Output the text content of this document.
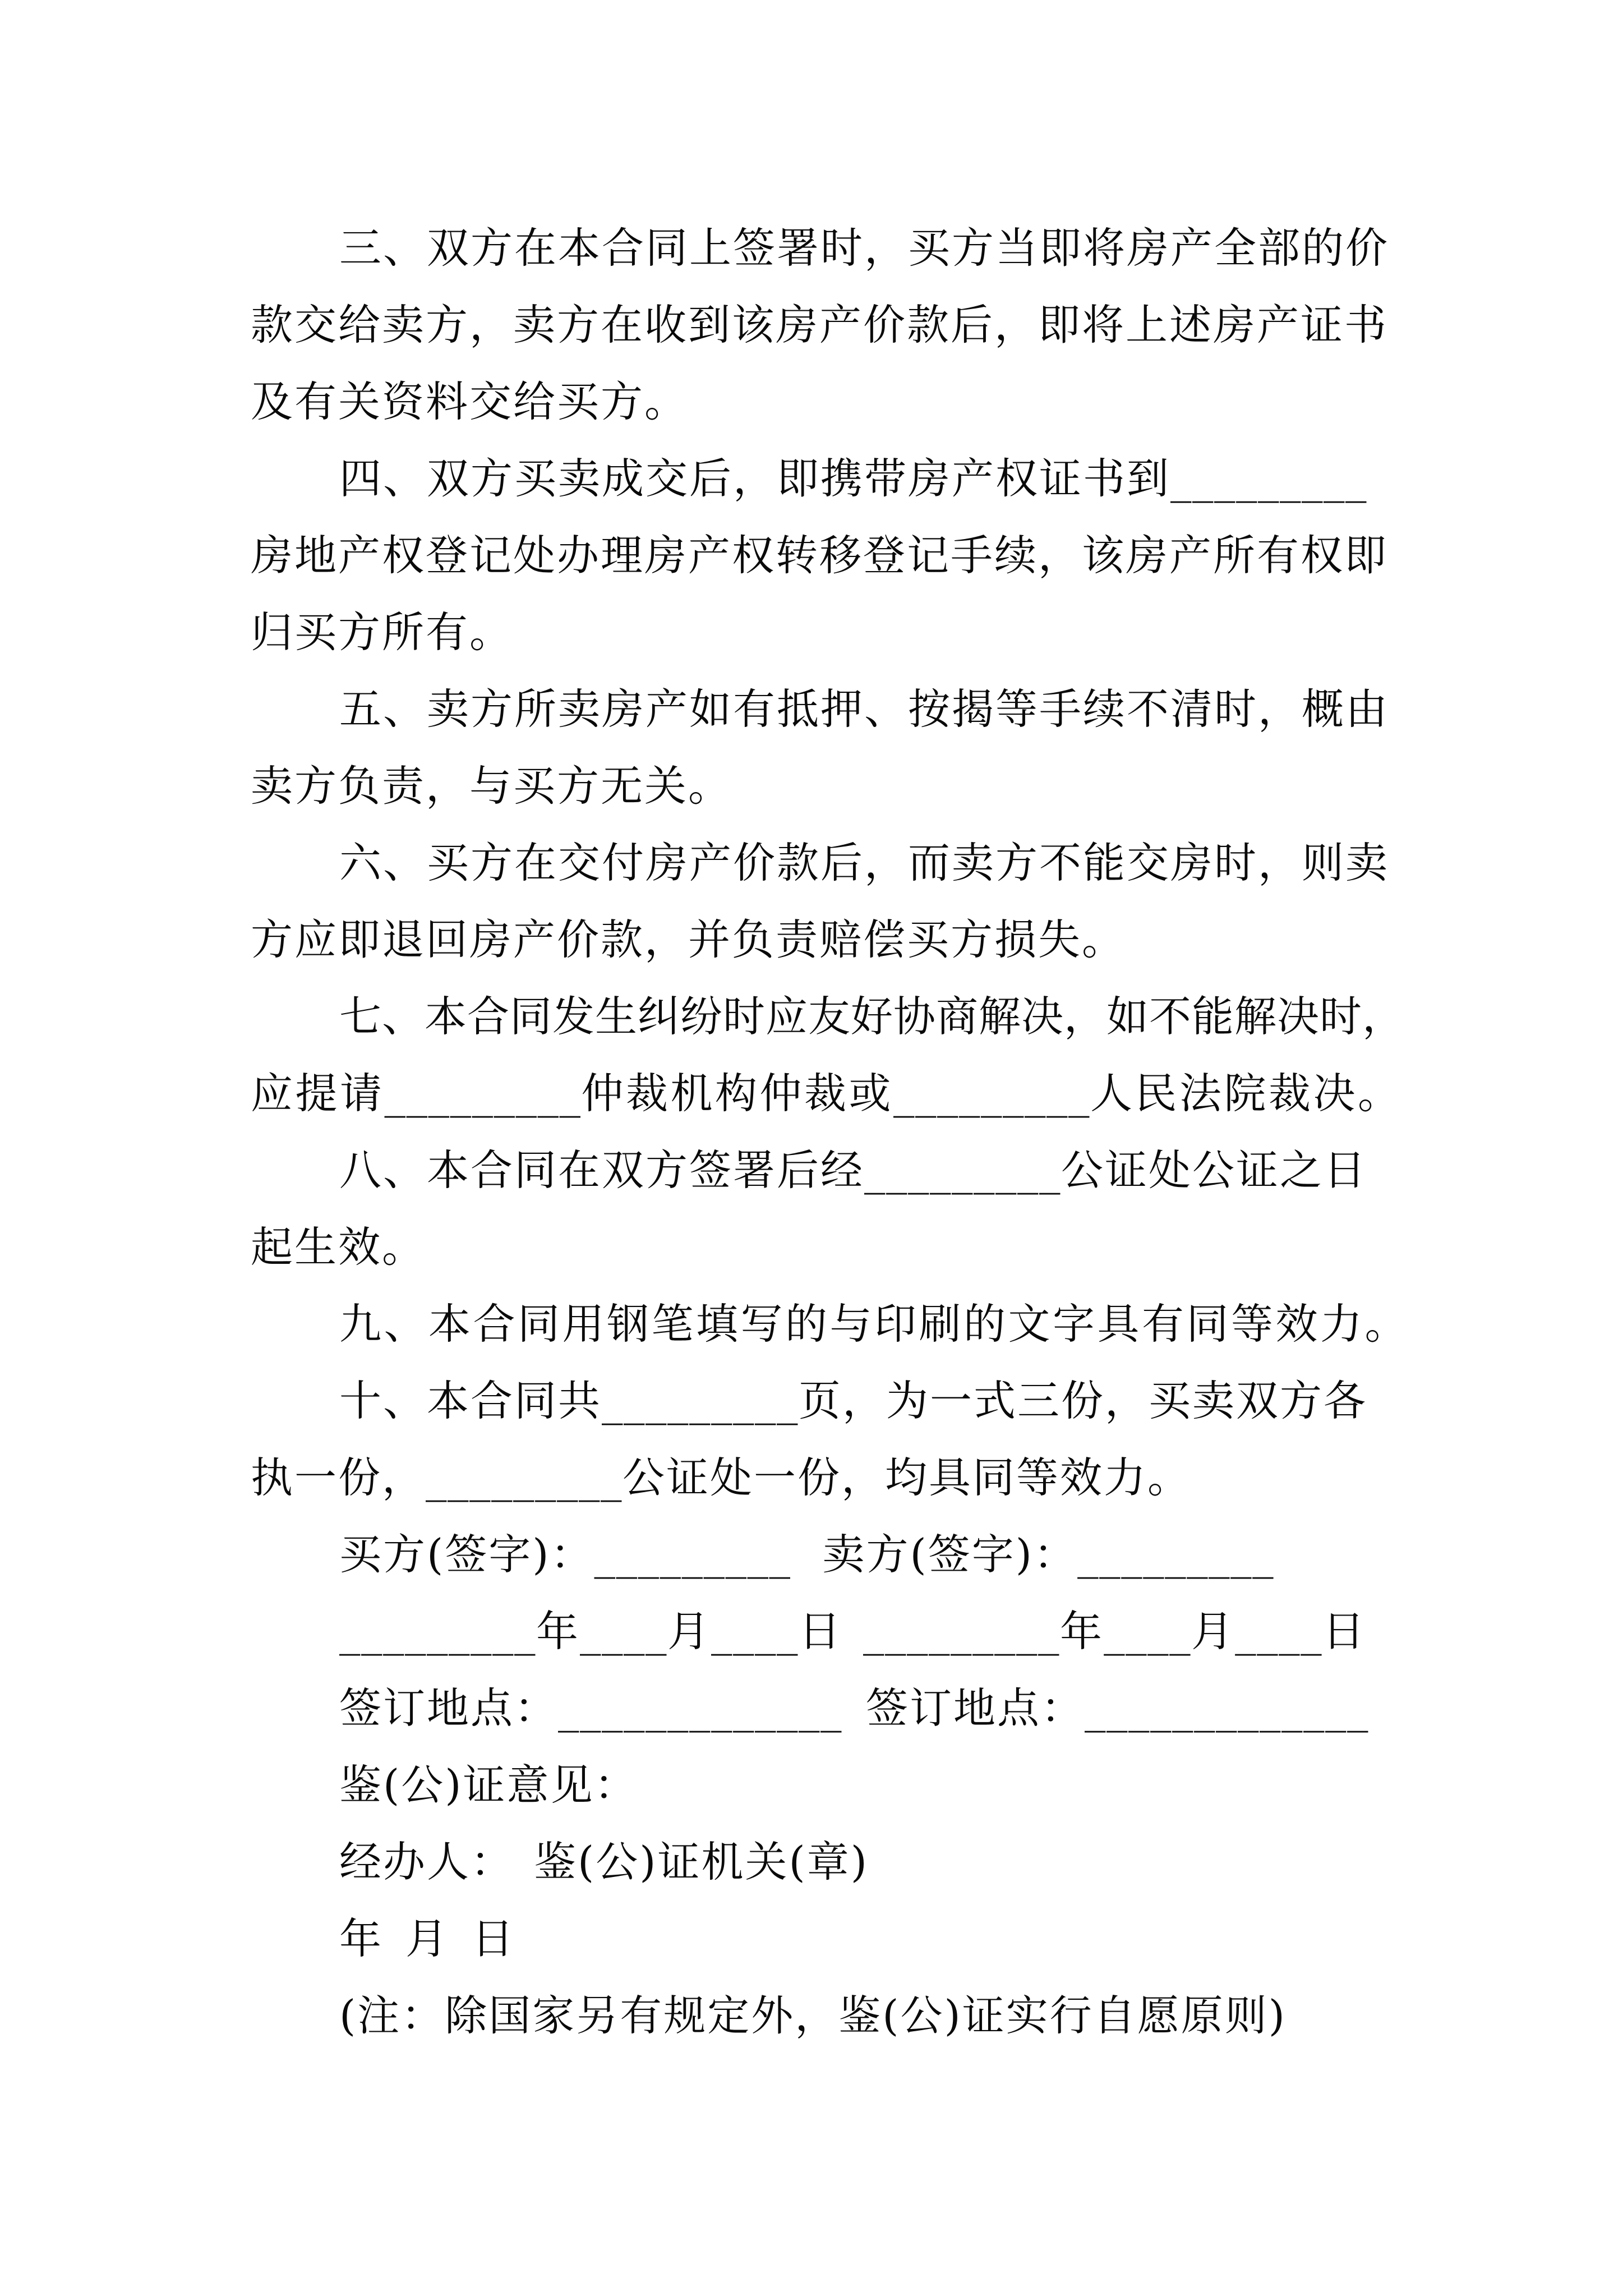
三、双方在本合同上签署时，买方当即将房产全部的价
款交给卖方，卖方在收到该房产价款后，即将上述房产证书
及有关资料交给买方。
四、双方买卖成交后，即携带房产权证书到_________
房地产权登记处办理房产权转移登记手续，该房产所有权即
归买方所有。
五、卖方所卖房产如有抵押、按揭等手续不清时，概由
卖方负责，与买方无关。
六、买方在交付房产价款后，而卖方不能交房时，则卖
方应即退回房产价款，并负责赔偿买方损失。
七、本合同发生纠纷时应友好协商解决，如不能解决时，
应提请_________仲裁机构仲裁或_________人民法院裁决。
八、本合同在双方签署后经_________公证处公证之日
起生效。
九、本合同用钢笔填写的与印刷的文字具有同等效力。
十、本合同共_________页，为一式三份，买卖双方各
执一份，_________公证处一份，均具同等效力。
买方(签字)：_________ 卖方(签字)：_________
_________年____月____日 _________年____月____日
签订地点：_____________ 签订地点：_____________
鉴(公)证意见：
经办人： 鉴(公)证机关(章)
年 月 日
(注：除国家另有规定外，鉴(公)证实行自愿原则)
